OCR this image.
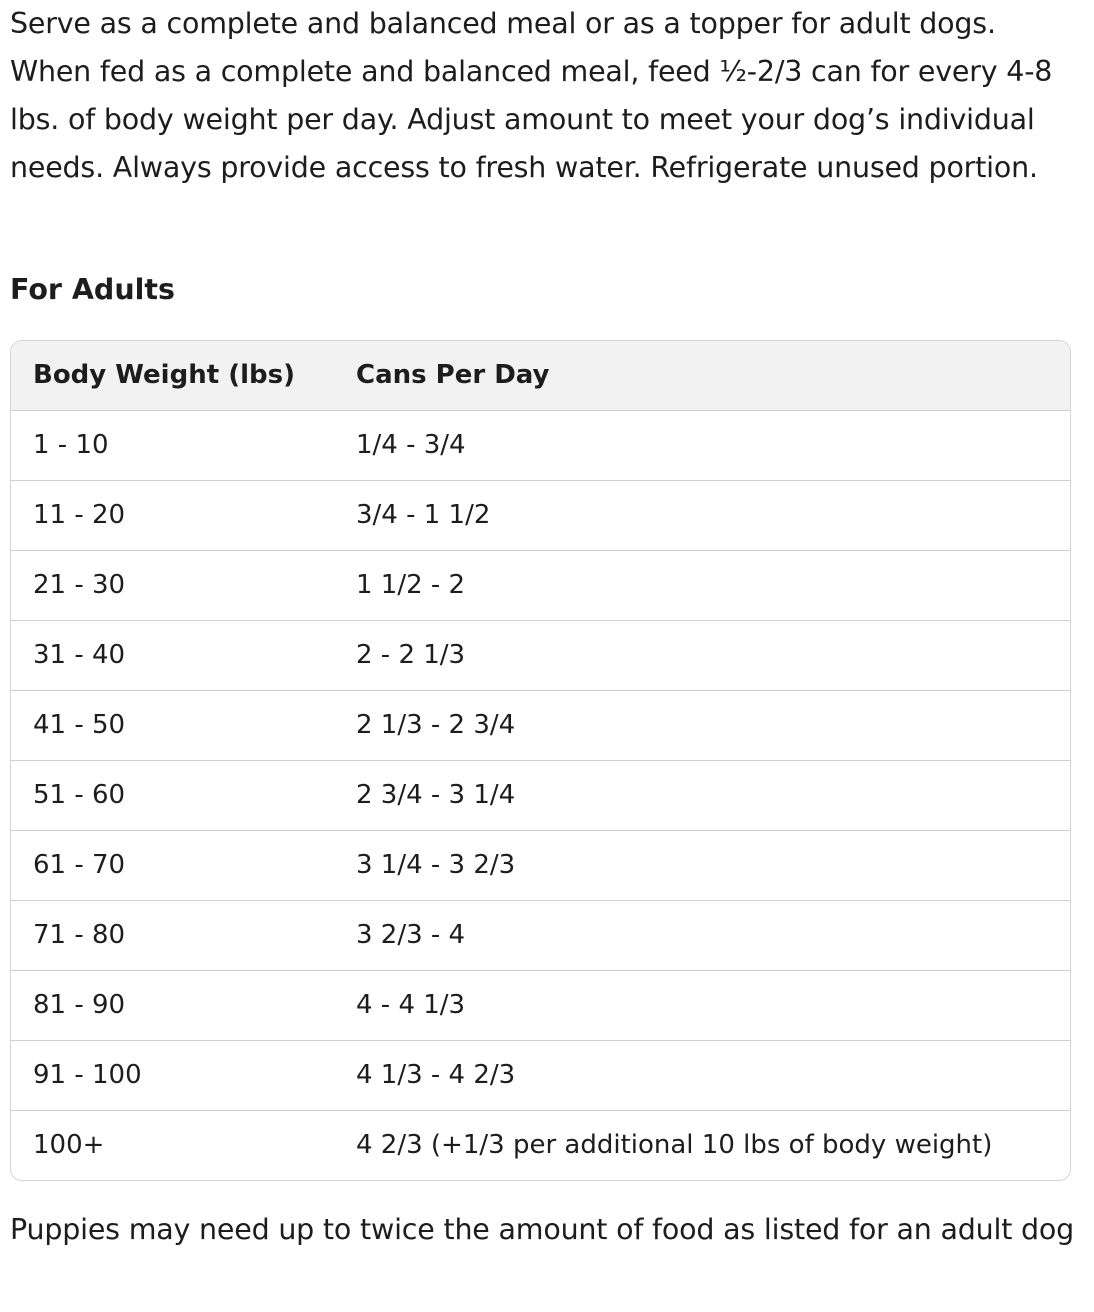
Serve as a complete and balanced meal or as a topper for adult dogs. When fed as a complete and balanced meal, feed ½-2/3 can for every 4-8 lbs. of body weight per day. Adjust amount to meet your dog’s individual needs. Always provide access to fresh water. Refrigerate unused portion.

For Adults
Body Weight (lbs)	Cans Per Day
1 - 10	1/4 - 3/4
11 - 20	3/4 - 1 1/2
21 - 30	1 1/2 - 2
31 - 40	2 - 2 1/3
41 - 50	2 1/3 - 2 3/4
51 - 60	2 3/4 - 3 1/4
61 - 70	3 1/4 - 3 2/3
71 - 80	3 2/3 - 4
81 - 90	4 - 4 1/3
91 - 100	4 1/3 - 4 2/3
100+	4 2/3 (+1/3 per additional 10 lbs of body weight)

Puppies may need up to twice the amount of food as listed for an adult dog
